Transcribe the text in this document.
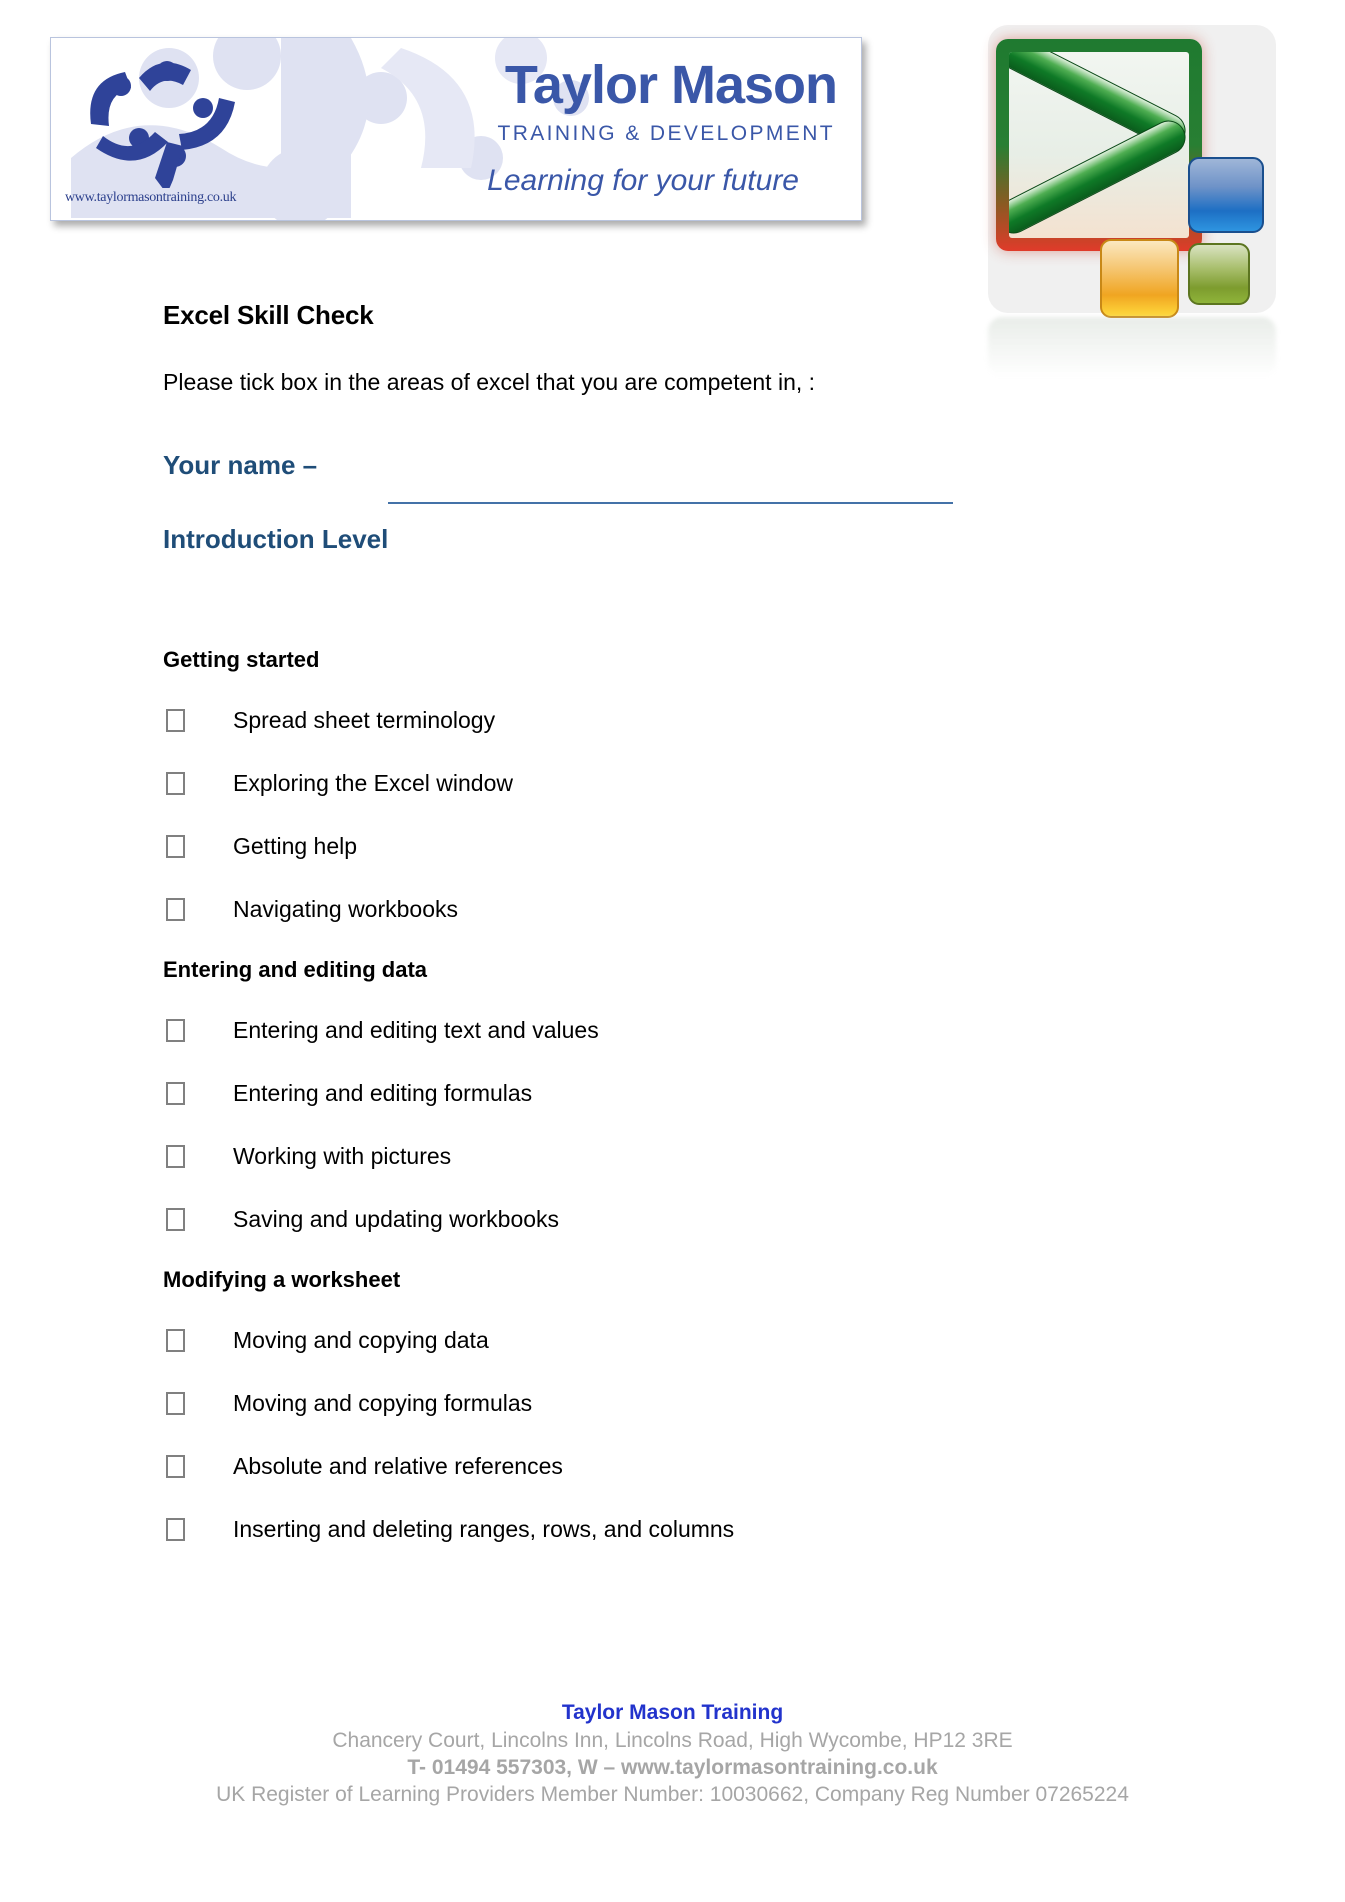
www.taylormasontraining.co.uk
Taylor Mason
TRAINING & DEVELOPMENT
Learning for your future
Excel Skill Check

Please tick box in the areas of excel that you are competent in, :

Your name –
Introduction Level
Getting started
Spread sheet terminology
Exploring the Excel window
Getting help
Navigating workbooks
Entering and editing data
Entering and editing text and values
Entering and editing formulas
Working with pictures
Saving and updating workbooks
Modifying a worksheet
Moving and copying data
Moving and copying formulas
Absolute and relative references
Inserting and deleting ranges, rows, and columns
Taylor Mason Training
Chancery Court, Lincolns Inn, Lincolns Road, High Wycombe, HP12 3RE
T- 01494 557303, W – www.taylormasontraining.co.uk
UK Register of Learning Providers Member Number: 10030662, Company Reg Number 07265224
